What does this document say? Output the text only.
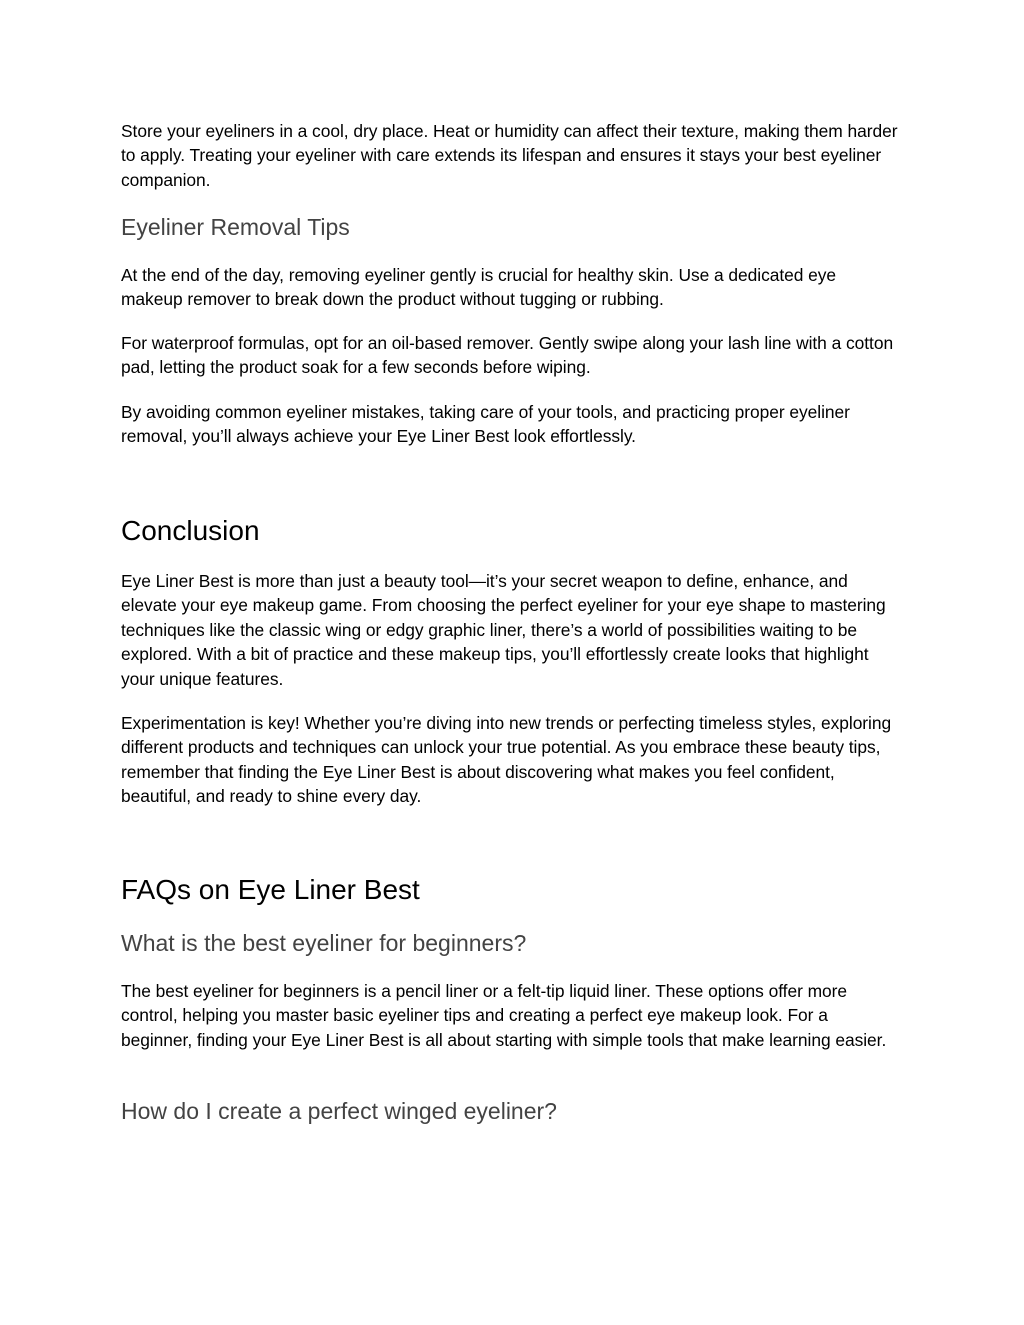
Store your eyeliners in a cool, dry place. Heat or humidity can affect their texture, making them harder to apply. Treating your eyeliner with care extends its lifespan and ensures it stays your best eyeliner companion.

Eyeliner Removal Tips

At the end of the day, removing eyeliner gently is crucial for healthy skin. Use a dedicated eye makeup remover to break down the product without tugging or rubbing.

For waterproof formulas, opt for an oil-based remover. Gently swipe along your lash line with a cotton pad, letting the product soak for a few seconds before wiping.

By avoiding common eyeliner mistakes, taking care of your tools, and practicing proper eyeliner removal, you’ll always achieve your Eye Liner Best look effortlessly.

Conclusion

Eye Liner Best is more than just a beauty tool—it’s your secret weapon to define, enhance, and elevate your eye makeup game. From choosing the perfect eyeliner for your eye shape to mastering techniques like the classic wing or edgy graphic liner, there’s a world of possibilities waiting to be explored. With a bit of practice and these makeup tips, you’ll effortlessly create looks that highlight your unique features.

Experimentation is key! Whether you’re diving into new trends or perfecting timeless styles, exploring different products and techniques can unlock your true potential. As you embrace these beauty tips, remember that finding the Eye Liner Best is about discovering what makes you feel confident, beautiful, and ready to shine every day.

FAQs on Eye Liner Best
What is the best eyeliner for beginners?

The best eyeliner for beginners is a pencil liner or a felt-tip liquid liner. These options offer more control, helping you master basic eyeliner tips and creating a perfect eye makeup look. For a beginner, finding your Eye Liner Best is all about starting with simple tools that make learning easier.

How do I create a perfect winged eyeliner?
